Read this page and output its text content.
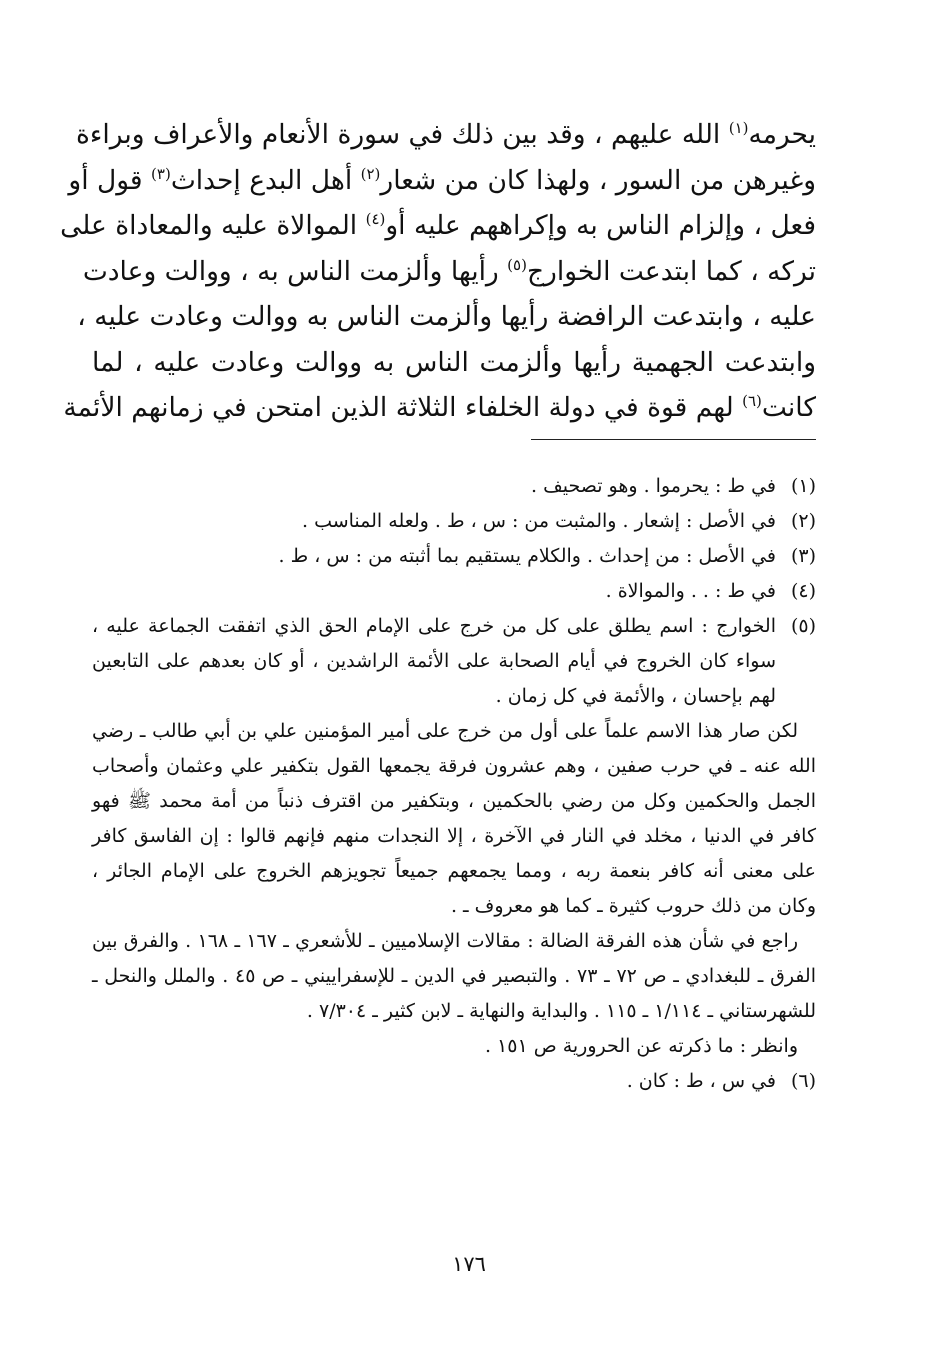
يحرمه$^{(١)}$ الله عليهم ، وقد بين ذلك في سورة الأنعام والأعراف وبراءة
وغيرهن من السور ، ولهذا كان من شعار$^{(٢)}$ أهل البدع إحداث$^{(٣)}$ قول أو
فعل ، وإلزام الناس به وإكراههم عليه أو$^{(٤)}$ الموالاة عليه والمعاداة على
تركه ، كما ابتدعت الخوارج$^{(٥)}$ رأيها وألزمت الناس به ، ووالت وعادت
عليه ، وابتدعت الرافضة رأيها وألزمت الناس به ووالت وعادت عليه ،
وابتدعت الجهمية رأيها وألزمت الناس به ووالت وعادت عليه ، لما
كانت$^{(٦)}$ لهم قوة في دولة الخلفاء الثلاثة الذين امتحن في زمانهم الأئمة
(١)

في ط : يحرموا . وهو تصحيف .

(٢)

في الأصل : إشعار . والمثبت من : س ، ط . ولعله المناسب .

(٣)

في الأصل : من إحداث . والكلام يستقيم بما أثبته من : س ، ط .

(٤)

في ط : . . والموالاة .

(٥)

الخوارج : اسم يطلق على كل من خرج على الإمام الحق الذي اتفقت الجماعة عليه ، سواء كان الخروج في أيام الصحابة على الأئمة الراشدين ، أو كان بعدهم على التابعين لهم بإحسان ، والأئمة في كل زمان .

لكن صار هذا الاسم علماً على أول من خرج على أمير المؤمنين علي بن أبي طالب ـ رضي الله عنه ـ في حرب صفين ، وهم عشرون فرقة يجمعها القول بتكفير علي وعثمان وأصحاب الجمل والحكمين وكل من رضي بالحكمين ، وبتكفير من اقترف ذنباً من أمة محمد ﷺ فهو كافر في الدنيا ، مخلد في النار في الآخرة ، إلا النجدات منهم فإنهم قالوا : إن الفاسق كافر على معنى أنه كافر بنعمة ربه ، ومما يجمعهم جميعاً تجويزهم الخروج على الإمام الجائر ، وكان من ذلك حروب كثيرة ـ كما هو معروف ـ .

راجع في شأن هذه الفرقة الضالة : مقالات الإسلاميين ـ للأشعري ـ ١٦٧ ـ ١٦٨ . والفرق بين الفرق ـ للبغدادي ـ ص ٧٢ ـ ٧٣ . والتبصير في الدين ـ للإسفراييني ـ ص ٤٥ . والملل والنحل ـ للشهرستاني ـ ١/١١٤ ـ ١١٥ . والبداية والنهاية ـ لابن كثير ـ ٧/٣٠٤ .

وانظر : ما ذكرته عن الحرورية ص ١٥١ .

(٦)

في س ، ط : كان .

١٧٦
